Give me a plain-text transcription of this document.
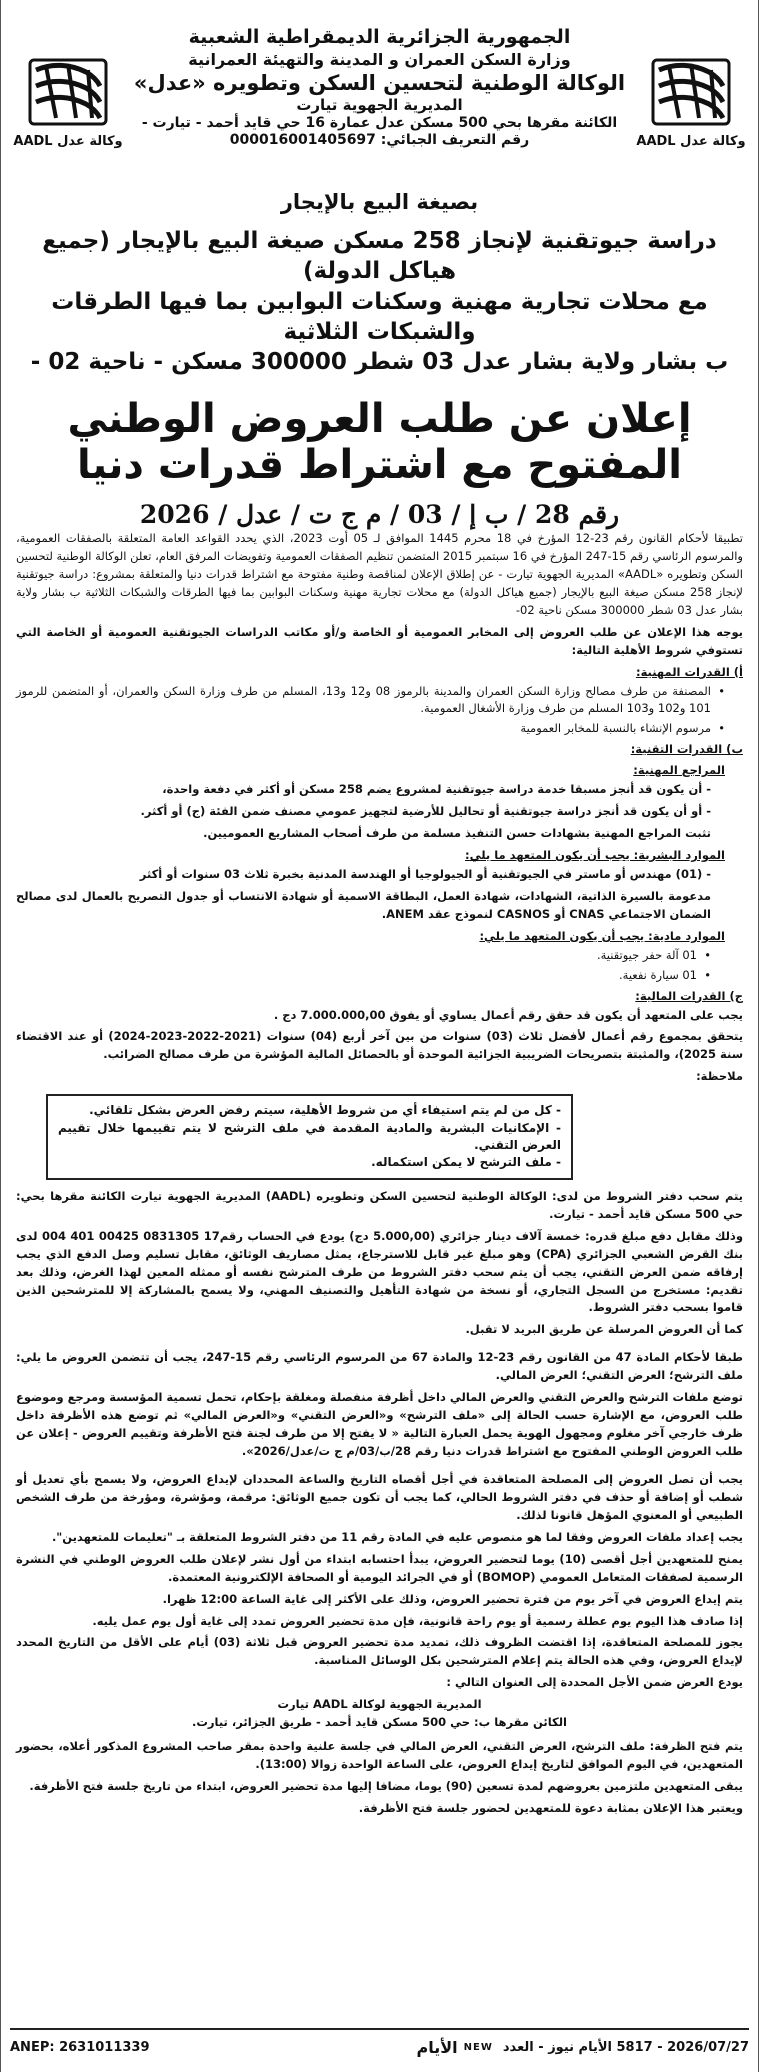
وكالة عدل AADL	وكالة عدل AADL

الجمهورية الجزائرية الديمقراطية الشعبية

وزارة السكن العمران و المدينة والتهيئة العمرانية

الوكالة الوطنية لتحسين السكن وتطويره «عدل»

المديرية الجهوية تيارت

الكائنة مقرها بحي 500 مسكن عدل عمارة 16 حي قايد أحمد - تيارت -

رقم التعريف الجبائي: 000016001405697

بصيغة البيع بالإيجار

دراسة جيوتقنية لإنجاز 258 مسكن صيغة البيع بالإيجار (جميع هياكل الدولة)

مع محلات تجارية مهنية وسكنات البوابين بما فيها الطرقات والشبكات الثلاثية

ب بشار ولاية بشار عدل 03 شطر 300000 مسكن - ناحية 02 -

إعلان عن طلب العروض الوطني المفتوح مع اشتراط قدرات دنيا
رقم 28 / ب إ / 03 / م ج ت / عدل / 2026

تطبيقا لأحكام القانون رقم 23-12 المؤرخ في 18 محرم 1445 الموافق لـ 05 أوت 2023، الذي يحدد القواعد العامة المتعلقة بالصفقات العمومية، والمرسوم الرئاسي رقم 15-247 المؤرخ في 16 سبتمبر 2015 المتضمن تنظيم الصفقات العمومية وتفويضات المرفق العام، تعلن الوكالة الوطنية لتحسين السكن وتطويره «AADL» المديرية الجهوية تيارت - عن إطلاق الإعلان لمناقصة وطنية مفتوحة مع اشتراط قدرات دنيا والمتعلقة بمشروع: دراسة جيوتقنية لإنجاز 258 مسكن صيغة البيع بالإيجار (جميع هياكل الدولة) مع محلات تجارية مهنية وسكنات البوابين بما فيها الطرقات والشبكات الثلاثية ب بشار ولاية بشار عدل 03 شطر 300000 مسكن ناحية 02-

يوجه هذا الإعلان عن طلب العروض إلى المخابر العمومية أو الخاصة و/أو مكاتب الدراسات الجيوتقنية العمومية أو الخاصة التي تستوفي شروط الأهلية التالية:

أ) القدرات المهنية:
• المصنفة من طرف مصالح وزارة السكن العمران والمدينة بالرموز 08 و12 و13، المسلم من طرف وزارة السكن والعمران، أو المتضمن للرموز 101 و102 و103 المسلم من طرف وزارة الأشغال العمومية.
• مرسوم الإنشاء بالنسبة للمخابر العمومية
ب) القدرات التقنية:
المراجع المهنية:

- أن يكون قد أنجز مسبقا خدمة دراسة جيوتقنية لمشروع يضم 258 مسكن أو أكثر في دفعة واحدة،

- أو أن يكون قد أنجز دراسة جيوتقنية أو تحاليل للأرضية لتجهيز عمومي مصنف ضمن الفئة (ج) أو أكثر.

تثبت المراجع المهنية بشهادات حسن التنفيذ مسلمة من طرف أصحاب المشاريع العموميين.

الموارد البشرية: يجب أن يكون المتعهد ما يلي:

- (01) مهندس أو ماستر في الجيوتقنية أو الجيولوجيا أو الهندسة المدنية بخبرة ثلاث 03 سنوات أو أكثر

مدعومة بالسيرة الذاتية، الشهادات، شهادة العمل، البطاقة الاسمية أو شهادة الانتساب أو جدول التصريح بالعمال لدى مصالح الضمان الاجتماعي CNAS أو CASNOS لنموذج عقد ANEM.

الموارد مادية: يجب أن يكون المتعهد ما يلي:
• 01 آلة حفر جيوتقنية.
• 01 سيارة نفعية.
ج) القدرات المالية:

يجب على المتعهد أن يكون قد حقق رقم أعمال يساوي أو يفوق 7.000.000,00 دج .

يتحقق بمجموع رقم أعمال لأفضل ثلاث (03) سنوات من بين آخر أربع (04) سنوات (2021-2022-2023-2024) أو عند الاقتضاء سنة 2025)، والمثبتة بتصريحات الضريبية الجزائية الموحدة أو بالحصائل المالية المؤشرة من طرف مصالح الضرائب.

ملاحظة:
- كل من لم يتم استيفاء أي من شروط الأهلية، سيتم رفض العرض بشكل تلقائي.
- الإمكانيات البشرية والمادية المقدمة في ملف الترشح لا يتم تقييمها خلال تقييم العرض التقني.
- ملف الترشح لا يمكن استكماله.

يتم سحب دفتر الشروط من لدى: الوكالة الوطنية لتحسين السكن وتطويره (AADL) المديرية الجهوية تيارت الكائنة مقرها بحي: حي 500 مسكن قايد أحمد - تيارت.

وذلك مقابل دفع مبلغ قدره: خمسة آلاف دينار جزائري (5.000,00 دج) يودع في الحساب رقم17 0831305 00425 401 004 لدى بنك القرض الشعبي الجزائري (CPA) وهو مبلغ غير قابل للاسترجاع، يمثل مصاريف الوثائق، مقابل تسليم وصل الدفع الذي يجب إرفاقه ضمن العرض التقني، يجب أن يتم سحب دفتر الشروط من طرف المترشح نفسه أو ممثله المعين لهذا الغرض، وذلك بعد تقديم: مستخرج من السجل التجاري، أو نسخة من شهادة التأهيل والتصنيف المهني، ولا يسمح بالمشاركة إلا للمترشحين الذين قاموا بسحب دفتر الشروط.

كما أن العروض المرسلة عن طريق البريد لا تقبل.

طبقا لأحكام المادة 47 من القانون رقم 23-12 والمادة 67 من المرسوم الرئاسي رقم 15-247، يجب أن تتضمن العروض ما يلي: ملف الترشح؛ العرض التقني؛ العرض المالي.

توضع ملفات الترشح والعرض التقني والعرض المالي داخل أظرفة منفصلة ومغلقة بإحكام، تحمل تسمية المؤسسة ومرجع وموضوع طلب العروض، مع الإشارة حسب الحالة إلى «ملف الترشح» و«العرض التقني» و«العرض المالي» ثم توضع هذه الأظرفة داخل ظرف خارجي آخر مغلوم ومجهول الهوية يحمل العبارة التالية « لا يفتح إلا من طرف لجنة فتح الأظرفة وتقييم العروض - إعلان عن طلب العروض الوطني المفتوح مع اشتراط قدرات دنيا رقم 28/ب/03/م ج ت/عدل/2026».

يجب أن تصل العروض إلى المصلحة المتعاقدة في أجل أقصاه التاريخ والساعة المحددان لإيداع العروض، ولا يسمح بأي تعديل أو شطب أو إضافة أو حذف في دفتر الشروط الحالي، كما يجب أن تكون جميع الوثائق: مرقمة، ومؤشرة، ومؤرخة من طرف الشخص الطبيعي أو المعنوي المؤهل قانونا لذلك.

يجب إعداد ملفات العروض وفقا لما هو منصوص عليه في المادة رقم 11 من دفتر الشروط المتعلقة بـ "تعليمات للمتعهدين".

يمنح للمتعهدين أجل أقصى (10) يوما لتحضير العروض، يبدأ احتسابه ابتداء من أول نشر لإعلان طلب العروض الوطني في النشرة الرسمية لصفقات المتعامل العمومي (BOMOP) أو في الجرائد اليومية أو الصحافة الإلكترونية المعتمدة.

يتم إيداع العروض في آخر يوم من فترة تحضير العروض، وذلك على الأكثر إلى غاية الساعة 12:00 ظهرا.

إذا صادف هذا اليوم يوم عطلة رسمية أو يوم راحة قانونية، فإن مدة تحضير العروض تمدد إلى غاية أول يوم عمل يليه.

يجوز للمصلحة المتعاقدة، إذا اقتضت الظروف ذلك، تمديد مدة تحضير العروض قبل ثلاثة (03) أيام على الأقل من التاريخ المحدد لإيداع العروض، وفي هذه الحالة يتم إعلام المترشحين بكل الوسائل المناسبة.

يودع العرض ضمن الأجل المحددة إلى العنوان التالي :

المديرية الجهوية لوكالة AADL تيارت
الكائن مقرها ب: حي 500 مسكن قايد أحمد - طريق الجزائر، تيارت.

يتم فتح الظرفة: ملف الترشح، العرض التقني، العرض المالي في جلسة علنية واحدة بمقر صاحب المشروع المذكور أعلاه، بحضور المتعهدين، في اليوم الموافق لتاريخ إيداع العروض، على الساعة الواحدة زوالا (13:00).

يبقى المتعهدين ملتزمين بعروضهم لمدة تسعين (90) يوما، مضافا إليها مدة تحضير العروض، ابتداء من تاريخ جلسة فتح الأظرفة.

ويعتبر هذا الإعلان بمثابة دعوة للمتعهدين لحضور جلسة فتح الأظرفة.

ANEP: 2631011339	2026/07/27 - 5817 الأيام نيوز - العدد
NEW
الأيام
